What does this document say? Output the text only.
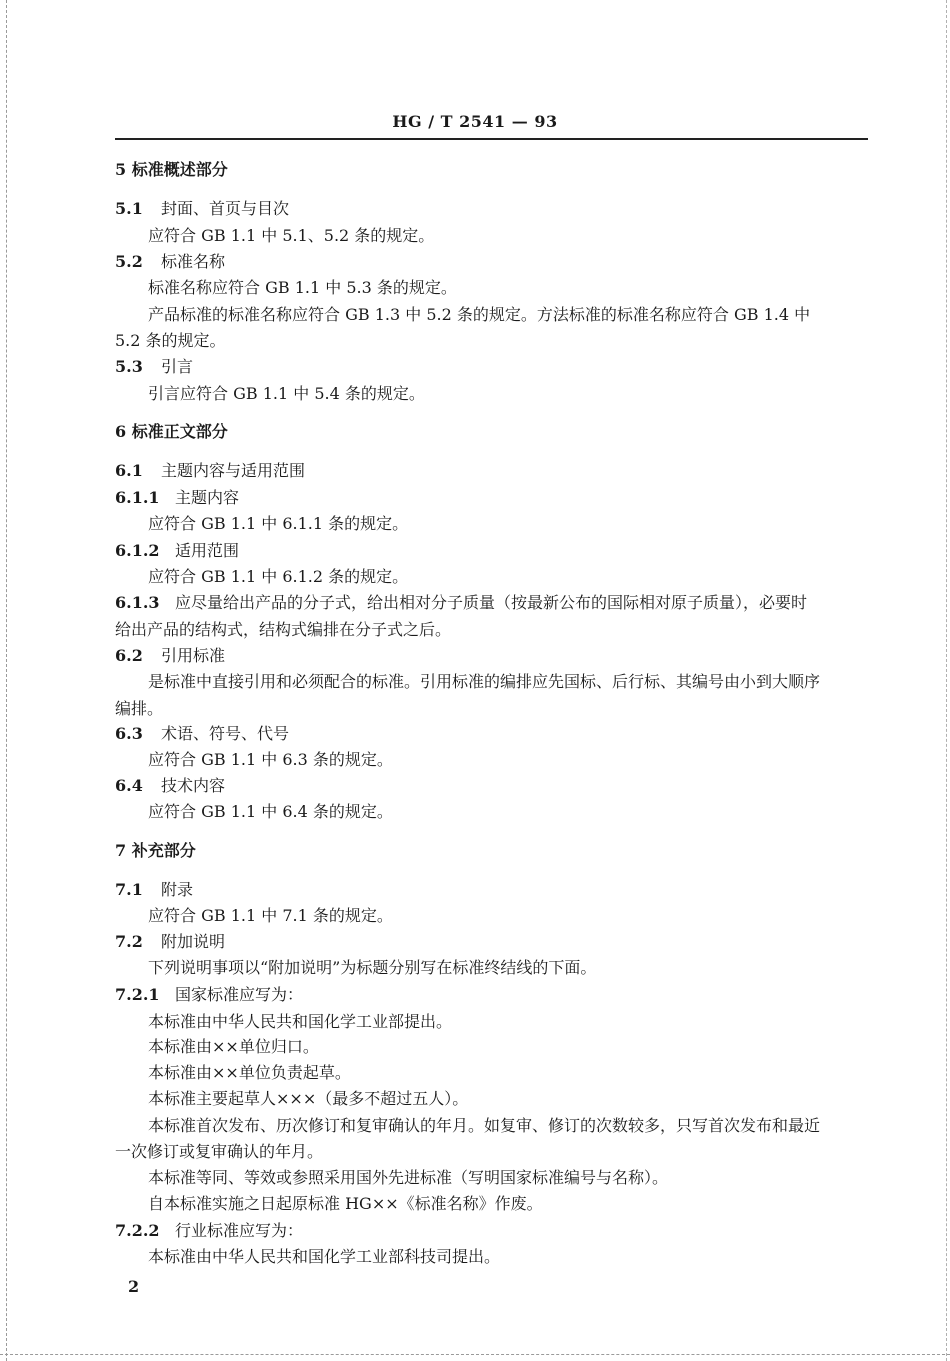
HG / T 2541 — 93
5 标准概述部分
5.1 封面、首页与目次
应符合 GB 1.1 中 5.1、5.2 条的规定。
5.2 标准名称
标准名称应符合 GB 1.1 中 5.3 条的规定。
产品标准的标准名称应符合 GB 1.3 中 5.2 条的规定。方法标准的标准名称应符合 GB 1.4 中
5.2 条的规定。
5.3 引言
引言应符合 GB 1.1 中 5.4 条的规定。
6 标准正文部分
6.1 主题内容与适用范围
6.1.1 主题内容
应符合 GB 1.1 中 6.1.1 条的规定。
6.1.2 适用范围
应符合 GB 1.1 中 6.1.2 条的规定。
6.1.3 应尽量给出产品的分子式，给出相对分子质量（按最新公布的国际相对原子质量），必要时
给出产品的结构式，结构式编排在分子式之后。
6.2 引用标准
是标准中直接引用和必须配合的标准。引用标准的编排应先国标、后行标、其编号由小到大顺序
编排。
6.3 术语、符号、代号
应符合 GB 1.1 中 6.3 条的规定。
6.4 技术内容
应符合 GB 1.1 中 6.4 条的规定。
7 补充部分
7.1 附录
应符合 GB 1.1 中 7.1 条的规定。
7.2 附加说明
下列说明事项以“附加说明”为标题分别写在标准终结线的下面。
7.2.1 国家标准应写为：
本标准由中华人民共和国化学工业部提出。
本标准由××单位归口。
本标准由××单位负责起草。
本标准主要起草人×××（最多不超过五人）。
本标准首次发布、历次修订和复审确认的年月。如复审、修订的次数较多，只写首次发布和最近
一次修订或复审确认的年月。
本标准等同、等效或参照采用国外先进标准（写明国家标准编号与名称）。
自本标准实施之日起原标准 HG××《标准名称》作废。
7.2.2 行业标准应写为：
本标准由中华人民共和国化学工业部科技司提出。
2
